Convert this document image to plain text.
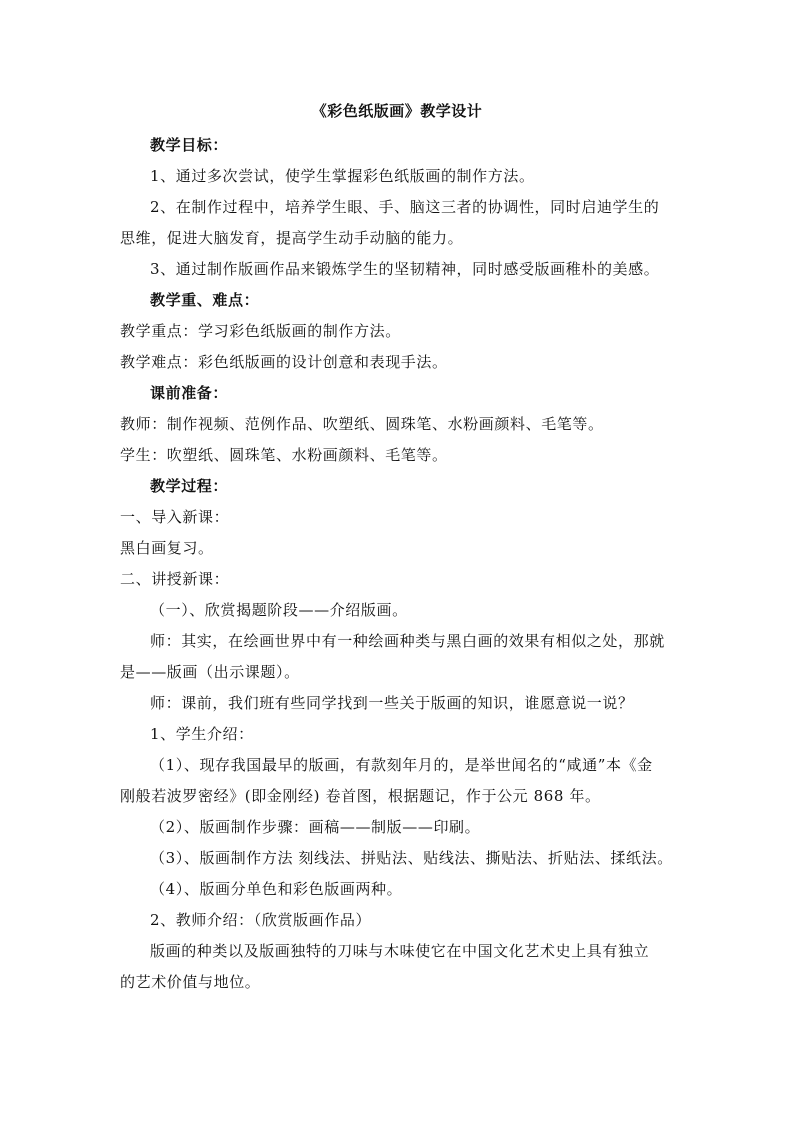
《彩色纸版画》教学设计
教学目标：
1、通过多次尝试，使学生掌握彩色纸版画的制作方法。
2、在制作过程中，培养学生眼、手、脑这三者的协调性，同时启迪学生的
思维，促进大脑发育，提高学生动手动脑的能力。
3、通过制作版画作品来锻炼学生的坚韧精神，同时感受版画稚朴的美感。
教学重、难点：
教学重点：学习彩色纸版画的制作方法。
教学难点：彩色纸版画的设计创意和表现手法。
课前准备：
教师：制作视频、范例作品、吹塑纸、圆珠笔、水粉画颜料、毛笔等。
学生：吹塑纸、圆珠笔、水粉画颜料、毛笔等。
教学过程：
一、导入新课：
黑白画复习。
二、讲授新课：
（一）、欣赏揭题阶段——介绍版画。
师：其实，在绘画世界中有一种绘画种类与黑白画的效果有相似之处，那就
是——版画（出示课题）。
师：课前，我们班有些同学找到一些关于版画的知识，谁愿意说一说？
1、学生介绍：
（1）、现存我国最早的版画，有款刻年月的，是举世闻名的“咸通”本《金
刚般若波罗密经》(即金刚经) 卷首图，根据题记，作于公元 868 年。
（2）、版画制作步骤：画稿——制版——印刷。
（3）、版画制作方法 刻线法、拼贴法、贴线法、撕贴法、折贴法、揉纸法。
（4）、版画分单色和彩色版画两种。
2、教师介绍：（欣赏版画作品）
版画的种类以及版画独特的刀味与木味使它在中国文化艺术史上具有独立
的艺术价值与地位。
